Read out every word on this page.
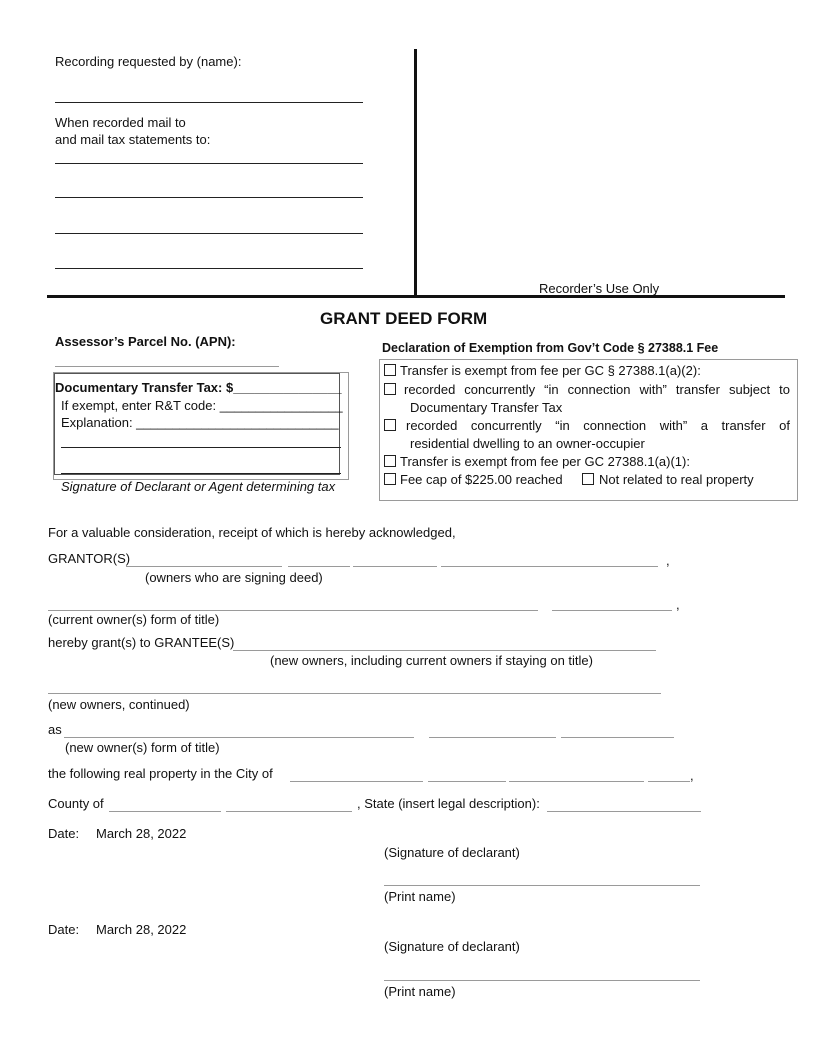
Recording requested by (name):
When recorded mail to
and mail tax statements to:
Recorder’s Use Only
GRANT DEED FORM
Assessor’s Parcel No. (APN):
Documentary Transfer Tax: $_______________
If exempt, enter R&T code: _________________
Explanation: ____________________________
Signature of Declarant or Agent determining tax
Declaration of Exemption from Gov’t Code § 27388.1 Fee
Transfer is exempt from fee per GC § 27388.1(a)(2):
recorded concurrently “in connection with” transfer subject to
Documentary Transfer Tax
recorded concurrently “in connection with” a transfer of
residential dwelling to an owner-occupier
Transfer is exempt from fee per GC 27388.1(a)(1):
Fee cap of $225.00 reached	Not related to real property
For a valuable consideration, receipt of which is hereby acknowledged,
GRANTOR(S)	,
(owners who are signing deed)
,
(current owner(s) form of title)
hereby grant(s) to GRANTEE(S)
(new owners, including current owners if staying on title)
(new owners, continued)
as
(new owner(s) form of title)
the following real property in the City of	,
County of	, State (insert legal description):
Date: March 28, 2022
(Signature of declarant)
(Print name)
Date: March 28, 2022
(Signature of declarant)
(Print name)
